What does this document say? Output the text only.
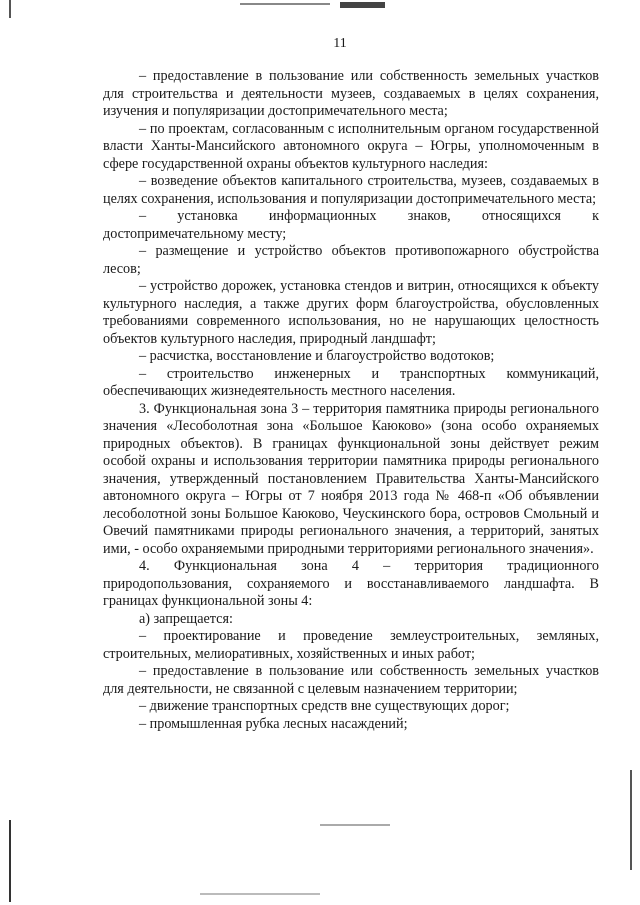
11

– предоставление в пользование или собственность земельных участков для строительства и деятельности музеев, создаваемых в целях сохранения, изучения и популяризации достопримечательного места;

– по проектам, согласованным с исполнительным органом государственной власти Ханты-Мансийского автономного округа – Югры, уполномоченным в сфере государственной охраны объектов культурного наследия:

– возведение объектов капитального строительства, музеев, создаваемых в целях сохранения, использования и популяризации достопримечательного места;

– установка информационных знаков, относящихся к достопримечательному месту;

– размещение и устройство объектов противопожарного обустройства лесов;

– устройство дорожек, установка стендов и витрин, относящихся к объекту культурного наследия, а также других форм благоустройства, обусловленных требованиями современного использования, но не нарушающих целостность объектов культурного наследия, природный ландшафт;

– расчистка, восстановление и благоустройство водотоков;

– строительство инженерных и транспортных коммуникаций, обеспечивающих жизнедеятельность местного населения.

3. Функциональная зона 3 – территория памятника природы регионального значения «Лесоболотная зона «Большое Каюково» (зона особо охраняемых природных объектов). В границах функциональной зоны действует режим особой охраны и использования территории памятника природы регионального значения, утвержденный постановлением Правительства Ханты-Мансийского автономного округа – Югры от 7 ноября 2013 года № 468-п «Об объявлении лесоболотной зоны Большое Каюково, Чеускинского бора, островов Смольный и Овечий памятниками природы регионального значения, а территорий, занятых ими, - особо охраняемыми природными территориями регионального значения».

4. Функциональная зона 4 – территория традиционного природопользования, сохраняемого и восстанавливаемого ландшафта. В границах функциональной зоны 4:

а) запрещается:

– проектирование и проведение землеустроительных, земляных, строительных, мелиоративных, хозяйственных и иных работ;

– предоставление в пользование или собственность земельных участков для деятельности, не связанной с целевым назначением территории;

– движение транспортных средств вне существующих дорог;

– промышленная рубка лесных насаждений;
